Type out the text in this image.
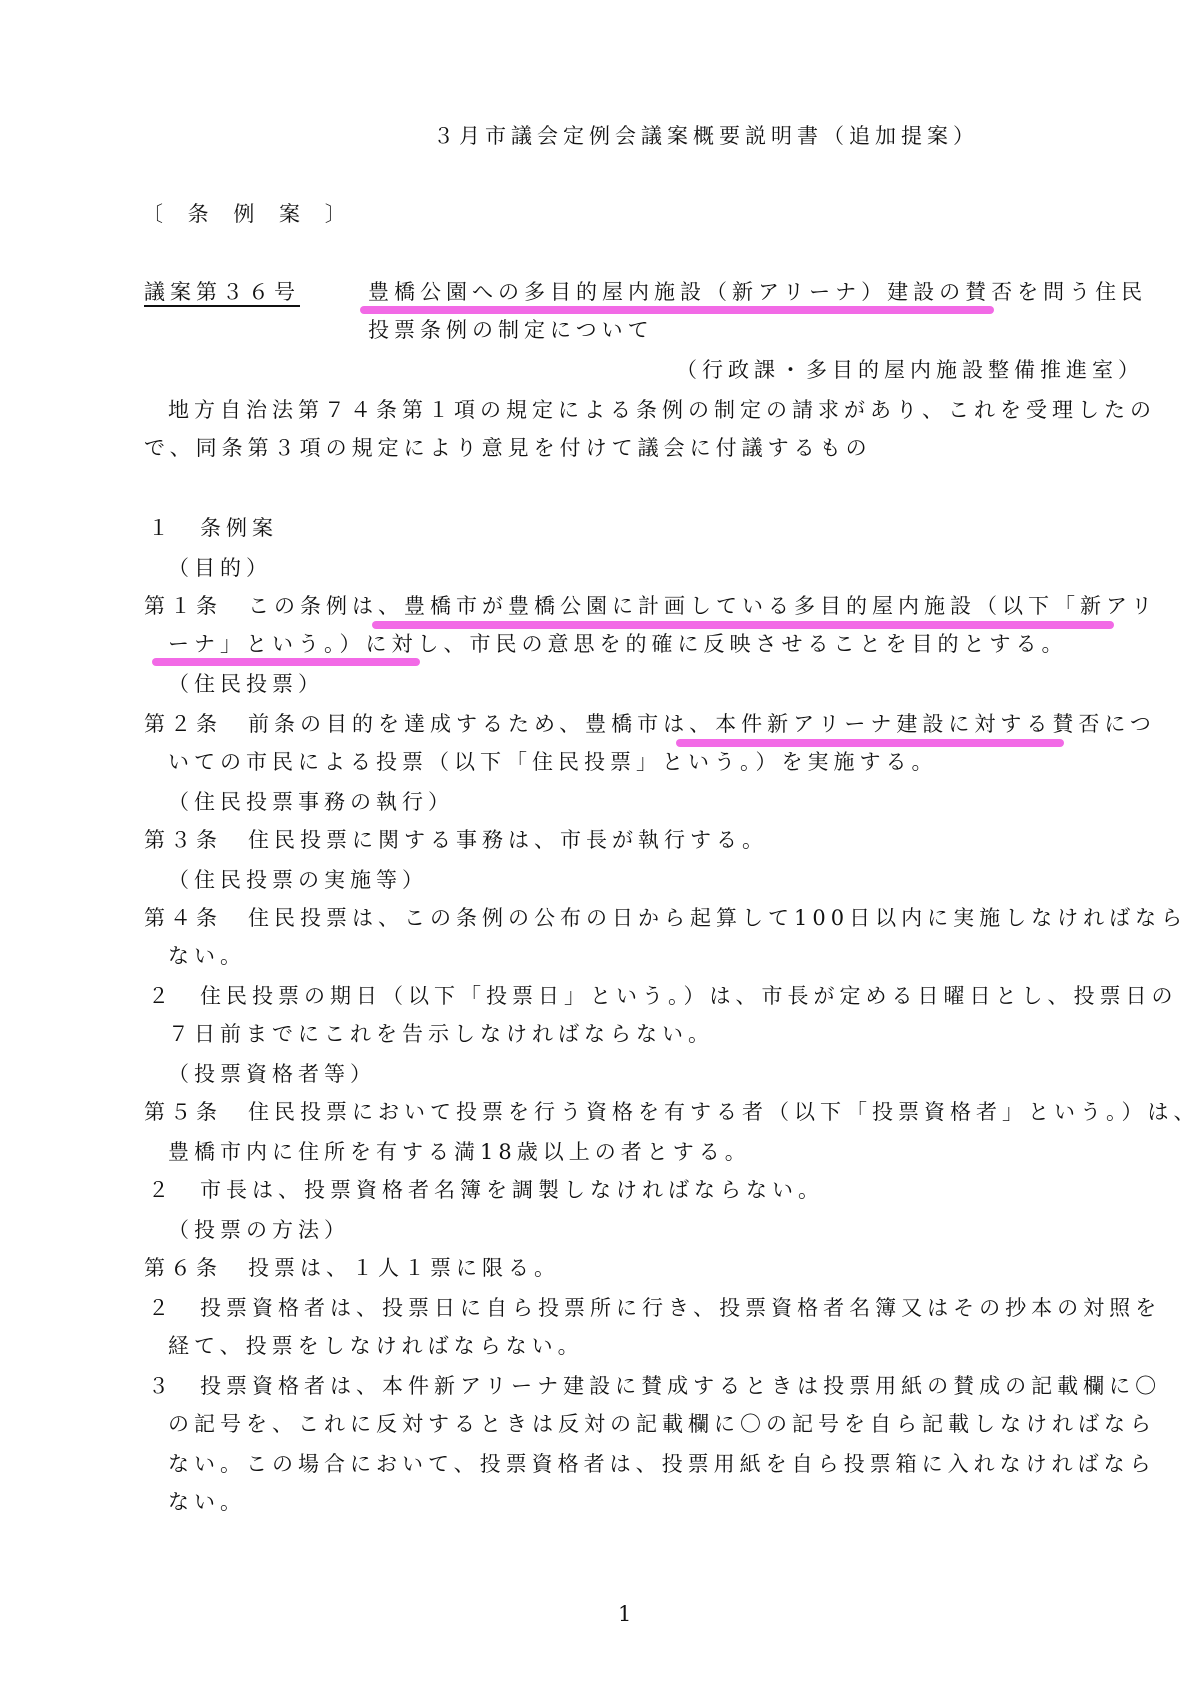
３月市議会定例会議案概要説明書（追加提案）
〔 条 例 案 〕
議案第３６号	豊橋公園への多目的屋内施設（新アリーナ）建設の賛否を問う住民
投票条例の制定について
（行政課・多目的屋内施設整備推進室）
地方自治法第７４条第１項の規定による条例の制定の請求があり、これを受理したの
で、同条第３項の規定により意見を付けて議会に付議するもの
１　条例案
（目的）
第１条　この条例は、豊橋市が豊橋公園に計画している多目的屋内施設（以下「新アリ
ーナ」という。）に対し、市民の意思を的確に反映させることを目的とする。
（住民投票）
第２条　前条の目的を達成するため、豊橋市は、本件新アリーナ建設に対する賛否につ
いての市民による投票（以下「住民投票」という。）を実施する。
（住民投票事務の執行）
第３条　住民投票に関する事務は、市長が執行する。
（住民投票の実施等）
第４条　住民投票は、この条例の公布の日から起算して100日以内に実施しなければなら
ない。
２　住民投票の期日（以下「投票日」という。）は、市長が定める日曜日とし、投票日の
７日前までにこれを告示しなければならない。
（投票資格者等）
第５条　住民投票において投票を行う資格を有する者（以下「投票資格者」という。）は、
豊橋市内に住所を有する満18歳以上の者とする。
２　市長は、投票資格者名簿を調製しなければならない。
（投票の方法）
第６条　投票は、１人１票に限る。
２　投票資格者は、投票日に自ら投票所に行き、投票資格者名簿又はその抄本の対照を
経て、投票をしなければならない。
３　投票資格者は、本件新アリーナ建設に賛成するときは投票用紙の賛成の記載欄に〇
の記号を、これに反対するときは反対の記載欄に〇の記号を自ら記載しなければなら
ない。この場合において、投票資格者は、投票用紙を自ら投票箱に入れなければなら
ない。
1
